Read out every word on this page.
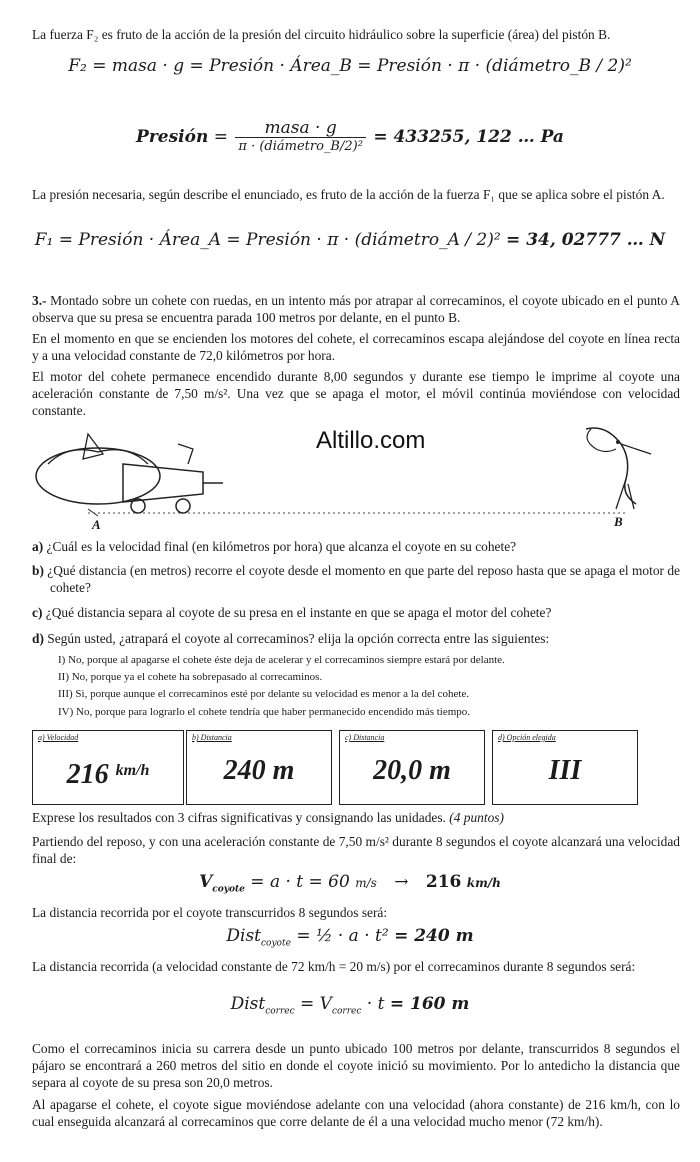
La fuerza F₂ es fruto de la acción de la presión del circuito hidráulico sobre la superficie (área) del pistón B.
F₂ = masa · g = Presión · Área_B = Presión · π · (diámetro_B / 2)²
Presión = $\frac{\text{masa · g}}{\text{π · (diámetro\_B/2)²}} = 433255$, 122 … Pa
La presión necesaria, según describe el enunciado, es fruto de la acción de la fuerza F₁ que se aplica sobre el pistón A.
F₁ = Presión · Área_A = Presión · π · (diámetro_A / 2)² = 34, 02777 … N
3.- Montado sobre un cohete con ruedas, en un intento más por atrapar al correcaminos, el coyote ubicado en el punto A observa que su presa se encuentra parada 100 metros por delante, en el punto B.
En el momento en que se encienden los motores del cohete, el correcaminos escapa alejándose del coyote en línea recta y a una velocidad constante de 72,0 kilómetros por hora.
El motor del cohete permanece encendido durante 8,00 segundos y durante ese tiempo le imprime al coyote una aceleración constante de 7,50 m/s². Una vez que se apaga el motor, el móvil continúa moviéndose con velocidad constante.
Altillo.com
A	B
a) ¿Cuál es la velocidad final (en kilómetros por hora) que alcanza el coyote en su cohete?
b) ¿Qué distancia (en metros) recorre el coyote desde el momento en que parte del reposo hasta que se apaga el motor de cohete?
c) ¿Qué distancia separa al coyote de su presa en el instante en que se apaga el motor del cohete?
d) Según usted, ¿atrapará el coyote al correcaminos? elija la opción correcta entre las siguientes:
I) No, porque al apagarse el cohete éste deja de acelerar y el correcaminos siempre estará por delante.
II) No, porque ya el cohete ha sobrepasado al correcaminos.
III) Si, porque aunque el correcaminos esté por delante su velocidad es menor a la del cohete.
IV) No, porque para lograrlo el cohete tendría que haber permanecido encendido más tiempo.
a) Velocidad
216 $^{km/h}$
b) Distancia
240 m
c) Distancia
20,0 m
d) Opción elegida
III
Exprese los resultados con 3 cifras significativas y consignando las unidades. (4 puntos)
Partiendo del reposo, y con una aceleración constante de 7,50 m/s² durante 8 segundos el coyote alcanzará una velocidad final de:
$V_{coyote} = a \cdot t = 60$ m/s → 216 km/h
La distancia recorrida por el coyote transcurridos 8 segundos será:
Dist$_{coyote}$ = ½ · a · t² = 240 m
La distancia recorrida (a velocidad constante de 72 km/h = 20 m/s) por el correcaminos durante 8 segundos será:
Dist$_{correc}$ = $V_{correc} \cdot t = 160$ m
Como el correcaminos inicia su carrera desde un punto ubicado 100 metros por delante, transcurridos 8 segundos el pájaro se encontrará a 260 metros del sitio en donde el coyote inició su movimiento. Por lo antedicho la distancia que separa al coyote de su presa son 20,0 metros.
Al apagarse el cohete, el coyote sigue moviéndose adelante con una velocidad (ahora constante) de 216 km/h, con lo cual enseguida alcanzará al correcaminos que corre delante de él a una velocidad mucho menor (72 km/h).
